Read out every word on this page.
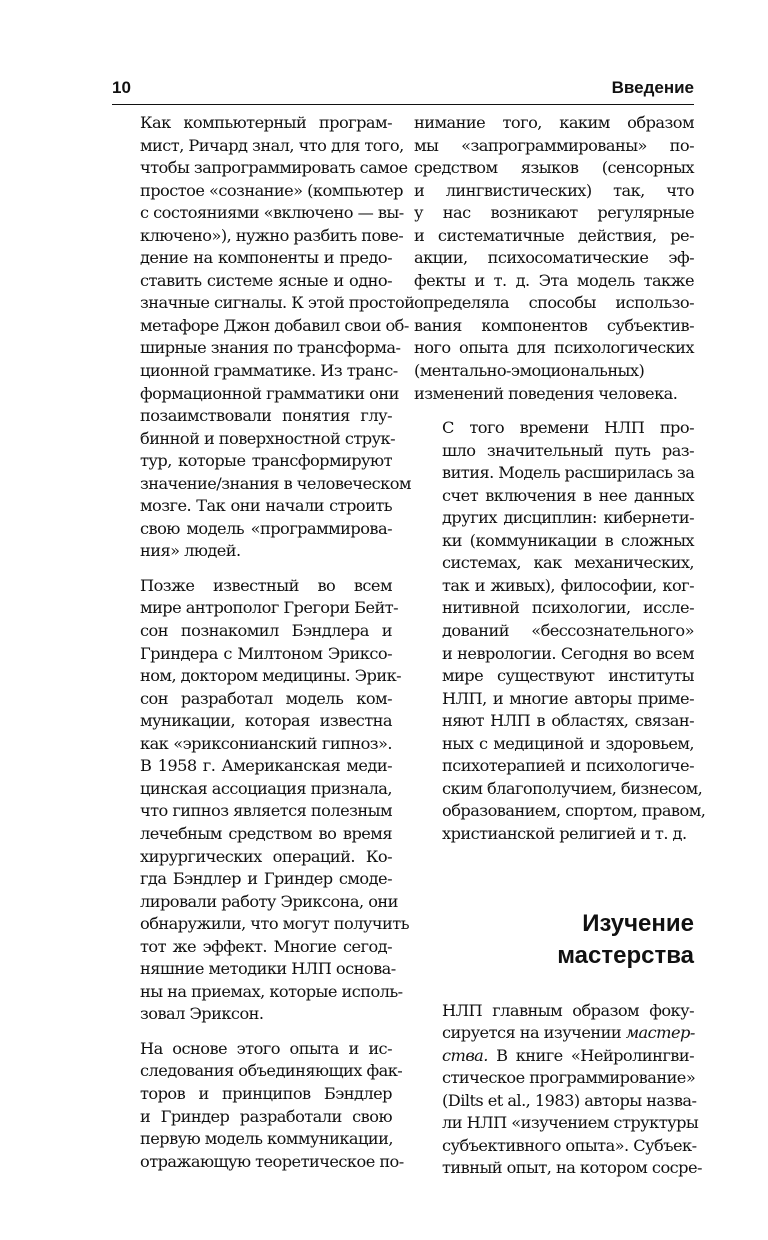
10	Введение

Как компьютерный програм-
мист, Ричард знал, что для того,
чтобы запрограммировать самое
простое «сознание» (компьютер
с состояниями «включено — вы-
ключено»), нужно разбить пове-
дение на компоненты и предо-
ставить системе ясные и одно-
значные сигналы. К этой простой
метафоре Джон добавил свои об-
ширные знания по трансформа-
ционной грамматике. Из транс-
формационной грамматики они
позаимствовали понятия глу-
бинной и поверхностной струк-
тур, которые трансформируют
значение/знания в человеческом
мозге. Так они начали строить
свою модель «программирова-
ния» людей.

Позже известный во всем
мире антрополог Грегори Бейт-
сон познакомил Бэндлера и
Гриндера с Милтоном Эриксо-
ном, доктором медицины. Эрик-
сон разработал модель ком-
муникации, которая известна
как «эриксонианский гипноз».
В 1958 г. Американская меди-
цинская ассоциация признала,
что гипноз является полезным
лечебным средством во время
хирургических операций. Ко-
гда Бэндлер и Гриндер смоде-
лировали работу Эриксона, они
обнаружили, что могут получить
тот же эффект. Многие сегод-
няшние методики НЛП основа-
ны на приемах, которые исполь-
зовал Эриксон.

На основе этого опыта и ис-
следования объединяющих фак-
торов и принципов Бэндлер
и Гриндер разработали свою
первую модель коммуникации,
отражающую теоретическое по-

нимание того, каким образом
мы «запрограммированы» по-
средством языков (сенсорных
и лингвистических) так, что
у нас возникают регулярные
и систематичные действия, ре-
акции, психосоматические эф-
фекты и т. д. Эта модель также
определяла способы использо-
вания компонентов субъектив-
ного опыта для психологических
(ментально-эмоциональных)
изменений поведения человека.

С того времени НЛП про-
шло значительный путь раз-
вития. Модель расширилась за
счет включения в нее данных
других дисциплин: кибернети-
ки (коммуникации в сложных
системах, как механических,
так и живых), философии, ког-
нитивной психологии, иссле-
дований «бессознательного»
и неврологии. Сегодня во всем
мире существуют институты
НЛП, и многие авторы приме-
няют НЛП в областях, связан-
ных с медициной и здоровьем,
психотерапией и психологиче-
ским благополучием, бизнесом,
образованием, спортом, правом,
христианской религией и т. д.

Изучение
мастерства

НЛП главным образом фоку-
сируется на изучении мастер-
ства. В книге «Нейролингви-
стическое программирование»
(Dilts et al., 1983) авторы назва-
ли НЛП «изучением структуры
субъективного опыта». Субъек-
тивный опыт, на котором сосре-
